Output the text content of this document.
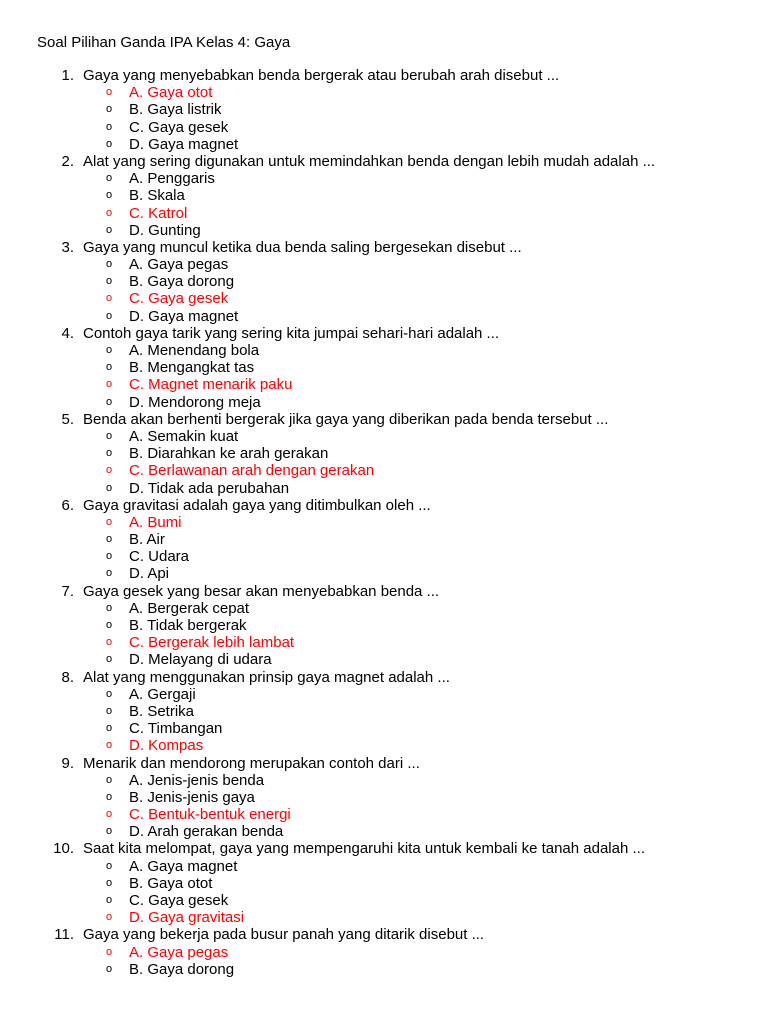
Soal Pilihan Ganda IPA Kelas 4: Gaya
1. Gaya yang menyebabkan benda bergerak atau berubah arah disebut ...
o A. Gaya otot
o B. Gaya listrik
o C. Gaya gesek
o D. Gaya magnet
2. Alat yang sering digunakan untuk memindahkan benda dengan lebih mudah adalah ...
o A. Penggaris
o B. Skala
o C. Katrol
o D. Gunting
3. Gaya yang muncul ketika dua benda saling bergesekan disebut ...
o A. Gaya pegas
o B. Gaya dorong
o C. Gaya gesek
o D. Gaya magnet
4. Contoh gaya tarik yang sering kita jumpai sehari-hari adalah ...
o A. Menendang bola
o B. Mengangkat tas
o C. Magnet menarik paku
o D. Mendorong meja
5. Benda akan berhenti bergerak jika gaya yang diberikan pada benda tersebut ...
o A. Semakin kuat
o B. Diarahkan ke arah gerakan
o C. Berlawanan arah dengan gerakan
o D. Tidak ada perubahan
6. Gaya gravitasi adalah gaya yang ditimbulkan oleh ...
o A. Bumi
o B. Air
o C. Udara
o D. Api
7. Gaya gesek yang besar akan menyebabkan benda ...
o A. Bergerak cepat
o B. Tidak bergerak
o C. Bergerak lebih lambat
o D. Melayang di udara
8. Alat yang menggunakan prinsip gaya magnet adalah ...
o A. Gergaji
o B. Setrika
o C. Timbangan
o D. Kompas
9. Menarik dan mendorong merupakan contoh dari ...
o A. Jenis-jenis benda
o B. Jenis-jenis gaya
o C. Bentuk-bentuk energi
o D. Arah gerakan benda
10. Saat kita melompat, gaya yang mempengaruhi kita untuk kembali ke tanah adalah ...
o A. Gaya magnet
o B. Gaya otot
o C. Gaya gesek
o D. Gaya gravitasi
11. Gaya yang bekerja pada busur panah yang ditarik disebut ...
o A. Gaya pegas
o B. Gaya dorong
